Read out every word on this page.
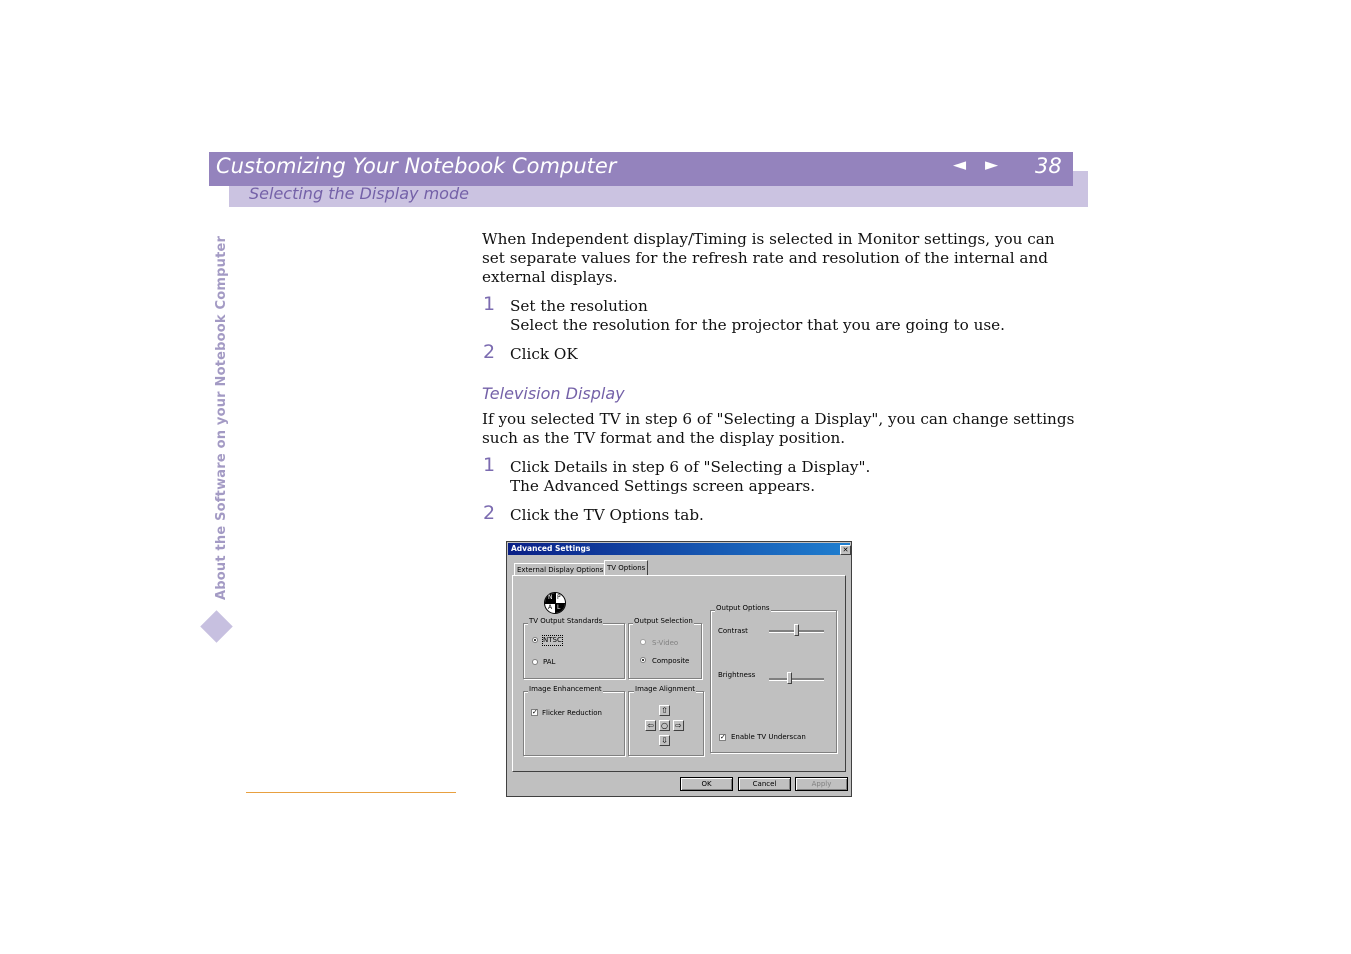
Customizing Your Notebook Computer
Selecting the Display mode
◄ ► 38
About the Software on your Notebook Computer	When Independent display/Timing is selected in Monitor settings, you can set separate values for the refresh rate and resolution of the internal and external displays.
1 Set the resolution
Select the resolution for the projector that you are going to use.
2 Click OK
Television Display
If you selected TV in step 6 of "Selecting a Display", you can change settings such as the TV format and the display position.
1 Click Details in step 6 of "Selecting a Display".
The Advanced Settings screen appears.
2 Click the TV Options tab.
Advanced Settings	✕
External Display Options TV Options
N P
A L
TV Output Standards
NTSC
PAL
Output Selection
S-Video
Composite
Output Options
Contrast
Brightness
✓ Enable TV Underscan
Image Enhancement
✓ Flicker Reduction
Image Alignment
⇧
⇦ ○ ⇨
⇩
OK	Cancel	Apply
